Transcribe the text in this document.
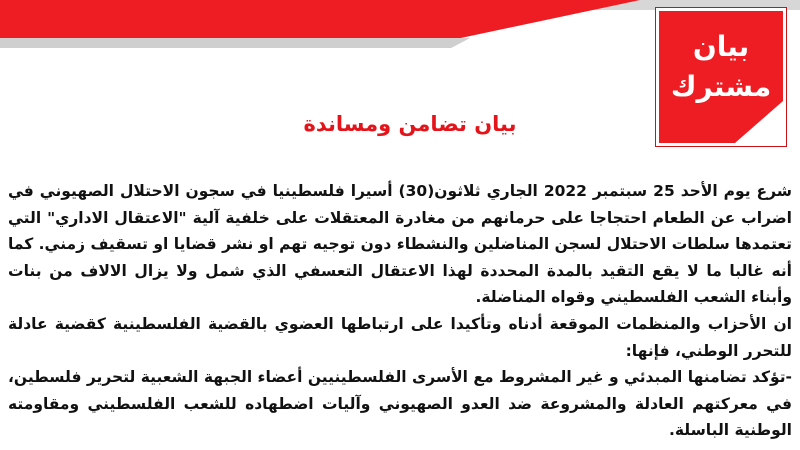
بيان
مشترك
بيان تضامن ومساندة

شرع يوم الأحد 25 سبتمبر 2022 الجاري ثلاثون(30) أسيرا فلسطينيا في سجون الاحتلال الصهيوني في اضراب عن الطعام احتجاجا على حرمانهم من مغادرة المعتقلات على خلفية آلية "الاعتقال الاداري" التي تعتمدها سلطات الاحتلال لسجن المناضلين والنشطاء دون توجيه تهم او نشر قضايا او تسقيف زمني. كما أنه غالبا ما لا يقع التقيد بالمدة المحددة لهذا الاعتقال التعسفي الذي شمل ولا يزال الالاف من بنات وأبناء الشعب الفلسطيني وقواه المناضلة.

ان الأحزاب والمنظمات الموقعة أدناه وتأكيدا على ارتباطها العضوي بالقضية الفلسطينية كقضية عادلة للتحرر الوطني، فإنها:

-تؤكد تضامنها المبدئي و غير المشروط مع الأسرى الفلسطينيين أعضاء الجبهة الشعبية لتحرير فلسطين، في معركتهم العادلة والمشروعة ضد العدو الصهيوني وآليات اضطهاده للشعب الفلسطيني ومقاومته الوطنية الباسلة.
